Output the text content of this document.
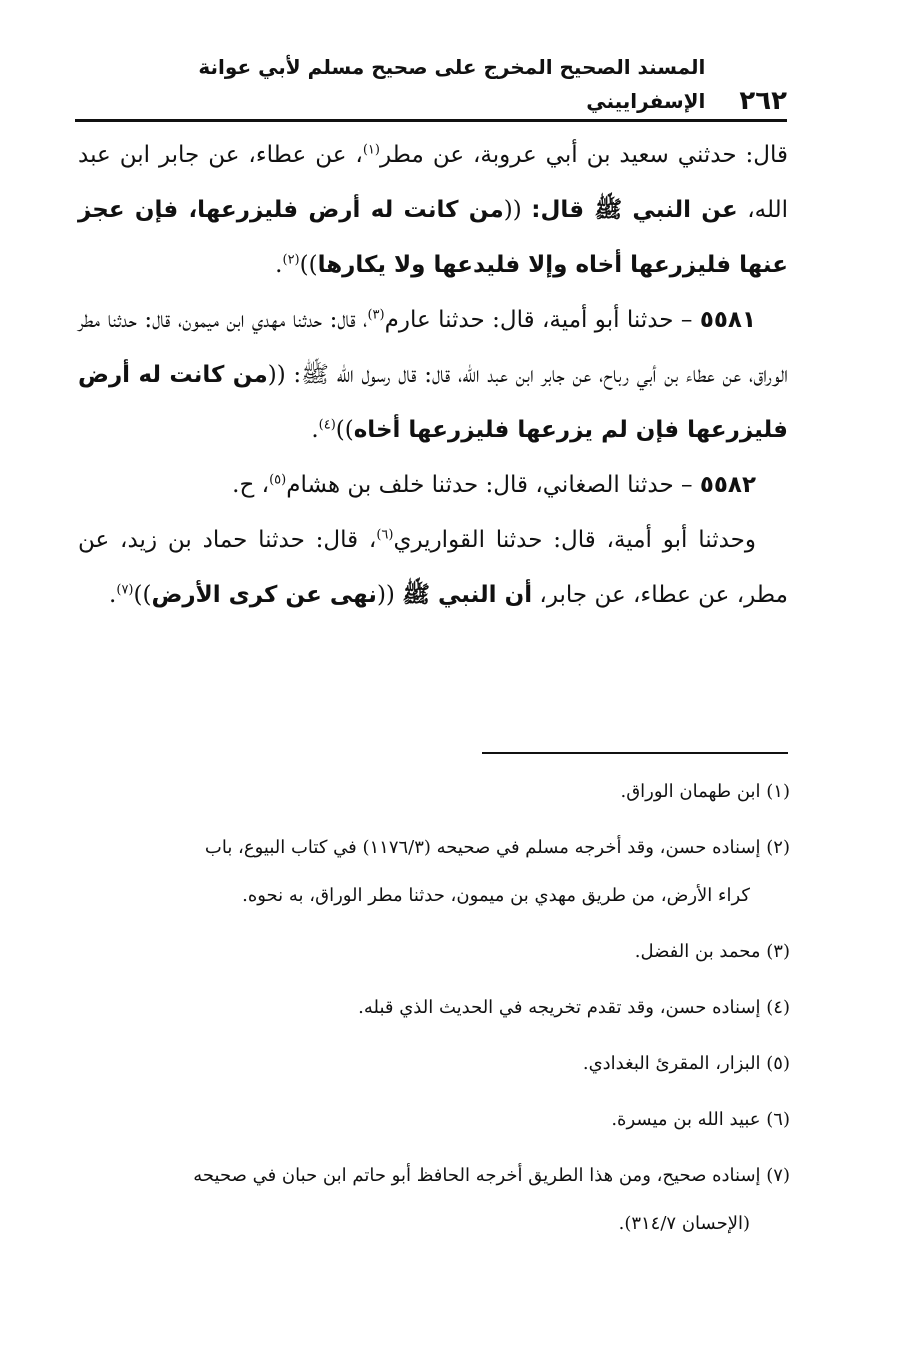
٢٦٢
المسند الصحيح المخرج على صحيح مسلم لأبي عوانة الإسفراييني

قال: حدثني سعيد بن أبي عروبة، عن مطر$^{(١)}$، عن عطاء، عن جابر ابن عبد الله، عن النبي ﷺ قال: ((من كانت له أرض فليزرعها، فإن عجز عنها فليزرعها أخاه وإلا فليدعها ولا يكارها))$^{(٢)}$.

٥٥٨١ – حدثنا أبو أمية، قال: حدثنا عارم$^{(٣)}$، قال: حدثنا مهدي ابن ميمون، قال: حدثنا مطر الوراق، عن عطاء بن أبي رباح، عن جابر ابن عبد الله، قال: قال رسول الله ﷺ: ((من كانت له أرض فليزرعها فإن لم يزرعها فليزرعها أخاه))$^{(٤)}$.

٥٥٨٢ – حدثنا الصغاني، قال: حدثنا خلف بن هشام$^{(٥)}$، ح.

وحدثنا أبو أمية، قال: حدثنا القواريري$^{(٦)}$، قال: حدثنا حماد بن زيد، عن مطر، عن عطاء، عن جابر، أن النبي ﷺ ((نهى عن كرى الأرض))$^{(٧)}$.

(١) ابن طهمان الوراق.

(٢) إسناده حسن، وقد أخرجه مسلم في صحيحه (١١٧٦/٣) في كتاب البيوع، باب
كراء الأرض، من طريق مهدي بن ميمون، حدثنا مطر الوراق، به نحوه.

(٣) محمد بن الفضل.

(٤) إسناده حسن، وقد تقدم تخريجه في الحديث الذي قبله.

(٥) البزار، المقرئ البغدادي.

(٦) عبيد الله بن ميسرة.

(٧) إسناده صحيح، ومن هذا الطريق أخرجه الحافظ أبو حاتم ابن حبان في صحيحه
(الإحسان ٣١٤/٧).
